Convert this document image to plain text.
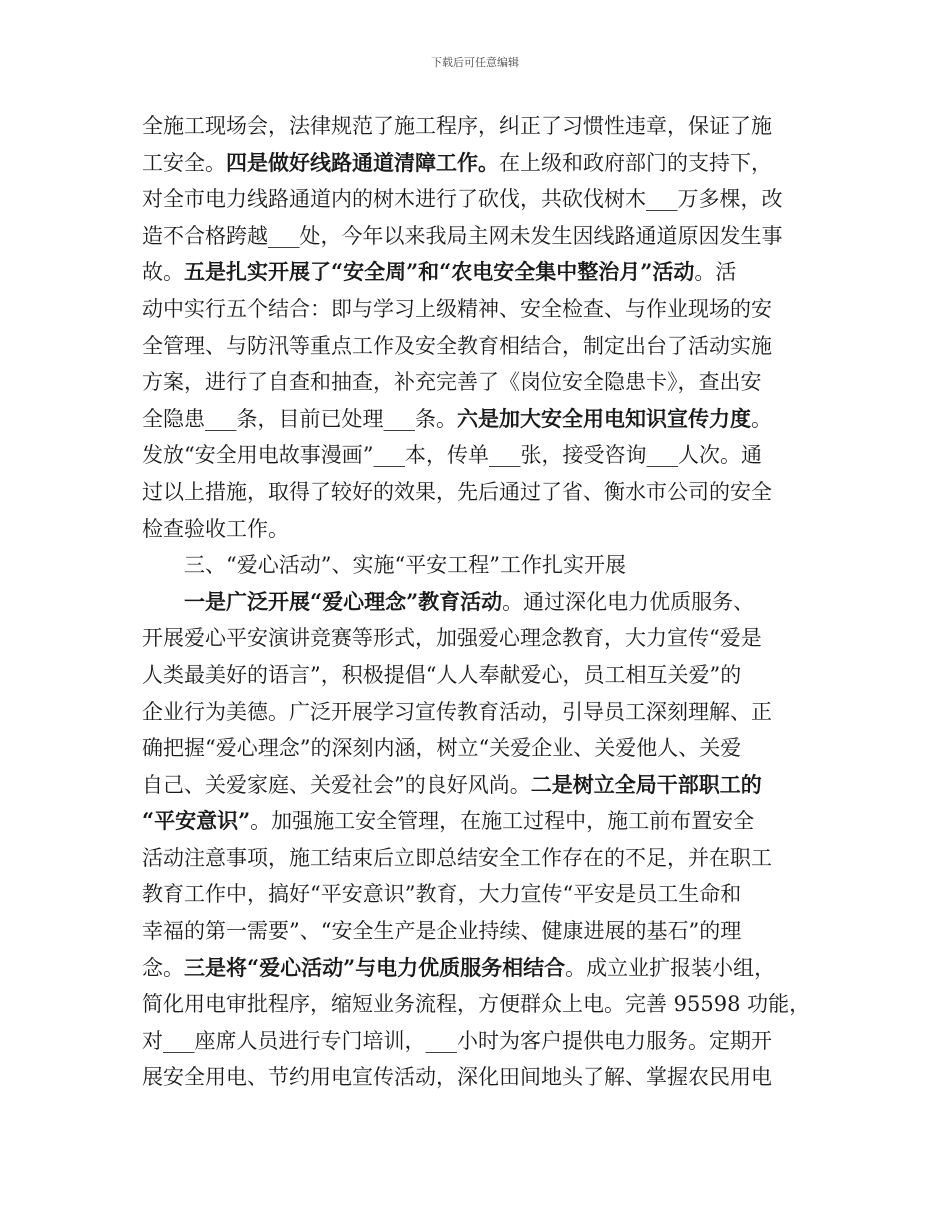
下载后可任意编辑
全施工现场会，法律规范了施工程序，纠正了习惯性违章，保证了施
工安全。四是做好线路通道清障工作。在上级和政府部门的支持下，
对全市电力线路通道内的树木进行了砍伐，共砍伐树木___万多棵，改
造不合格跨越___处，今年以来我局主网未发生因线路通道原因发生事
故。五是扎实开展了“安全周”和“农电安全集中整治月”活动。活
动中实行五个结合：即与学习上级精神、安全检查、与作业现场的安
全管理、与防汛等重点工作及安全教育相结合，制定出台了活动实施
方案，进行了自查和抽查，补充完善了《岗位安全隐患卡》，查出安
全隐患___条，目前已处理___条。六是加大安全用电知识宣传力度。
发放“安全用电故事漫画”___本，传单___张，接受咨询___人次。通
过以上措施，取得了较好的效果，先后通过了省、衡水市公司的安全
检查验收工作。
三、“爱心活动”、实施“平安工程”工作扎实开展
一是广泛开展“爱心理念”教育活动。通过深化电力优质服务、
开展爱心平安演讲竞赛等形式，加强爱心理念教育，大力宣传“爱是
人类最美好的语言”，积极提倡“人人奉献爱心，员工相互关爱”的
企业行为美德。广泛开展学习宣传教育活动，引导员工深刻理解、正
确把握“爱心理念”的深刻内涵，树立“关爱企业、关爱他人、关爱
自己、关爱家庭、关爱社会”的良好风尚。二是树立全局干部职工的
“平安意识”。加强施工安全管理，在施工过程中，施工前布置安全
活动注意事项，施工结束后立即总结安全工作存在的不足，并在职工
教育工作中，搞好“平安意识”教育，大力宣传“平安是员工生命和
幸福的第一需要”、“安全生产是企业持续、健康进展的基石”的理
念。三是将“爱心活动”与电力优质服务相结合。成立业扩报装小组，
简化用电审批程序，缩短业务流程，方便群众上电。完善 95598 功能，
对___座席人员进行专门培训，___小时为客户提供电力服务。定期开
展安全用电、节约用电宣传活动，深化田间地头了解、掌握农民用电
